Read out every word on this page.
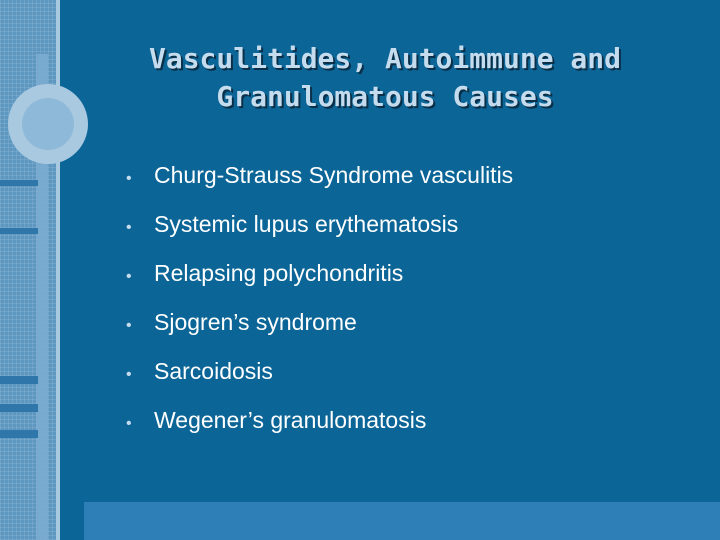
Vasculitides, Autoimmune and
Granulomatous Causes
• Churg-Strauss Syndrome vasculitis
• Systemic lupus erythematosis
• Relapsing polychondritis
• Sjogren’s syndrome
• Sarcoidosis
• Wegener’s granulomatosis
